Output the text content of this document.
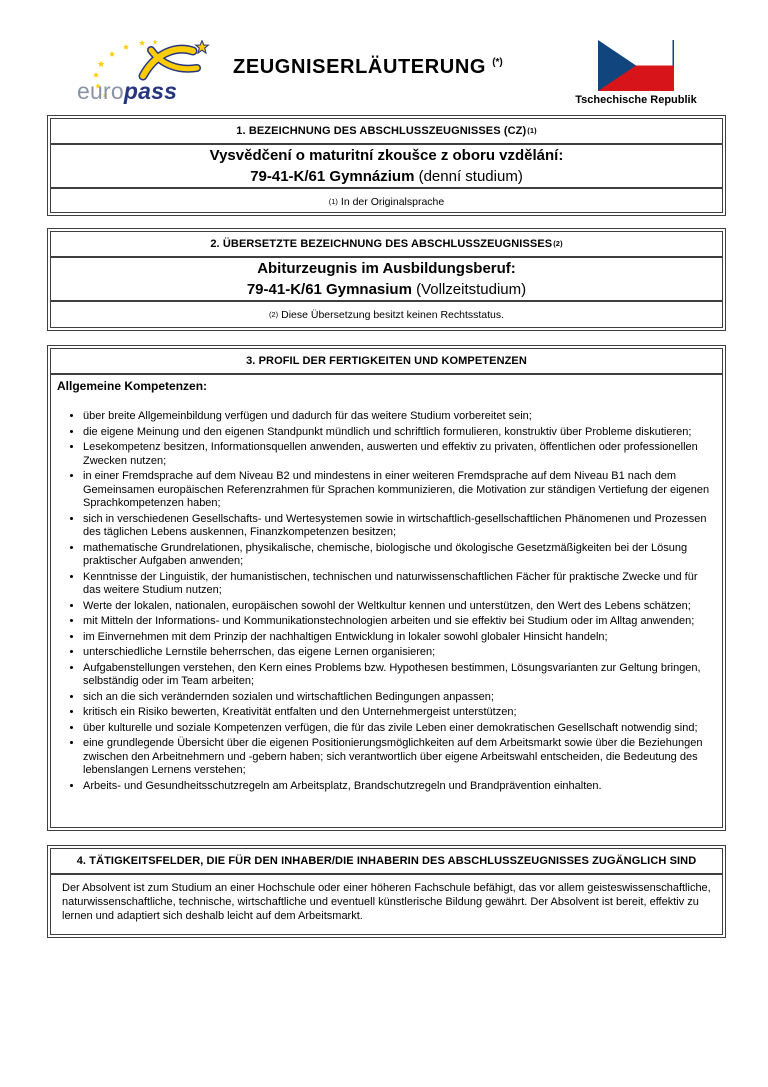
europass
ZEUGNISERLÄUTERUNG (*)
Tschechische Republik
1. BEZEICHNUNG DES ABSCHLUSSZEUGNISSES (CZ) (1)
Vysvědčení o maturitní zkoušce z oboru vzdělání:
79-41-K/61 Gymnázium (denní studium)
(1) In der Originalsprache
2. ÜBERSETZTE BEZEICHNUNG DES ABSCHLUSSZEUGNISSES (2)
Abiturzeugnis im Ausbildungsberuf:
79-41-K/61 Gymnasium (Vollzeitstudium)
(2) Diese Übersetzung besitzt keinen Rechtsstatus.
3. PROFIL DER FERTIGKEITEN UND KOMPETENZEN

Allgemeine Kompetenzen:

• über breite Allgemeinbildung verfügen und dadurch für das weitere Studium vorbereitet sein;
• die eigene Meinung und den eigenen Standpunkt mündlich und schriftlich formulieren, konstruktiv über Probleme diskutieren;
• Lesekompetenz besitzen, Informationsquellen anwenden, auswerten und effektiv zu privaten, öffentlichen oder professionellen Zwecken nutzen;
• in einer Fremdsprache auf dem Niveau B2 und mindestens in einer weiteren Fremdsprache auf dem Niveau B1 nach dem Gemeinsamen europäischen Referenzrahmen für Sprachen kommunizieren, die Motivation zur ständigen Vertiefung der eigenen Sprachkompetenzen haben;
• sich in verschiedenen Gesellschafts- und Wertesystemen sowie in wirtschaftlich-gesellschaftlichen Phänomenen und Prozessen des täglichen Lebens auskennen, Finanzkompetenzen besitzen;
• mathematische Grundrelationen, physikalische, chemische, biologische und ökologische Gesetzmäßigkeiten bei der Lösung praktischer Aufgaben anwenden;
• Kenntnisse der Linguistik, der humanistischen, technischen und naturwissenschaftlichen Fächer für praktische Zwecke und für das weitere Studium nutzen;
• Werte der lokalen, nationalen, europäischen sowohl der Weltkultur kennen und unterstützen, den Wert des Lebens schätzen;
• mit Mitteln der Informations- und Kommunikationstechnologien arbeiten und sie effektiv bei Studium oder im Alltag anwenden;
• im Einvernehmen mit dem Prinzip der nachhaltigen Entwicklung in lokaler sowohl globaler Hinsicht handeln;
• unterschiedliche Lernstile beherrschen, das eigene Lernen organisieren;
• Aufgabenstellungen verstehen, den Kern eines Problems bzw. Hypothesen bestimmen, Lösungsvarianten zur Geltung bringen, selbständig oder im Team arbeiten;
• sich an die sich verändernden sozialen und wirtschaftlichen Bedingungen anpassen;
• kritisch ein Risiko bewerten, Kreativität entfalten und den Unternehmergeist unterstützen;
• über kulturelle und soziale Kompetenzen verfügen, die für das zivile Leben einer demokratischen Gesellschaft notwendig sind;
• eine grundlegende Übersicht über die eigenen Positionierungsmöglichkeiten auf dem Arbeitsmarkt sowie über die Beziehungen zwischen den Arbeitnehmern und -gebern haben; sich verantwortlich über eigene Arbeitswahl entscheiden, die Bedeutung des lebenslangen Lernens verstehen;
• Arbeits- und Gesundheitsschutzregeln am Arbeitsplatz, Brandschutzregeln und Brandprävention einhalten.
4. TÄTIGKEITSFELDER, DIE FÜR DEN INHABER/DIE INHABERIN DES ABSCHLUSSZEUGNISSES ZUGÄNGLICH SIND

Der Absolvent ist zum Studium an einer Hochschule oder einer höheren Fachschule befähigt, das vor allem geisteswissenschaftliche, naturwissenschaftliche, technische, wirtschaftliche und eventuell künstlerische Bildung gewährt. Der Absolvent ist bereit, effektiv zu lernen und adaptiert sich deshalb leicht auf dem Arbeitsmarkt.
